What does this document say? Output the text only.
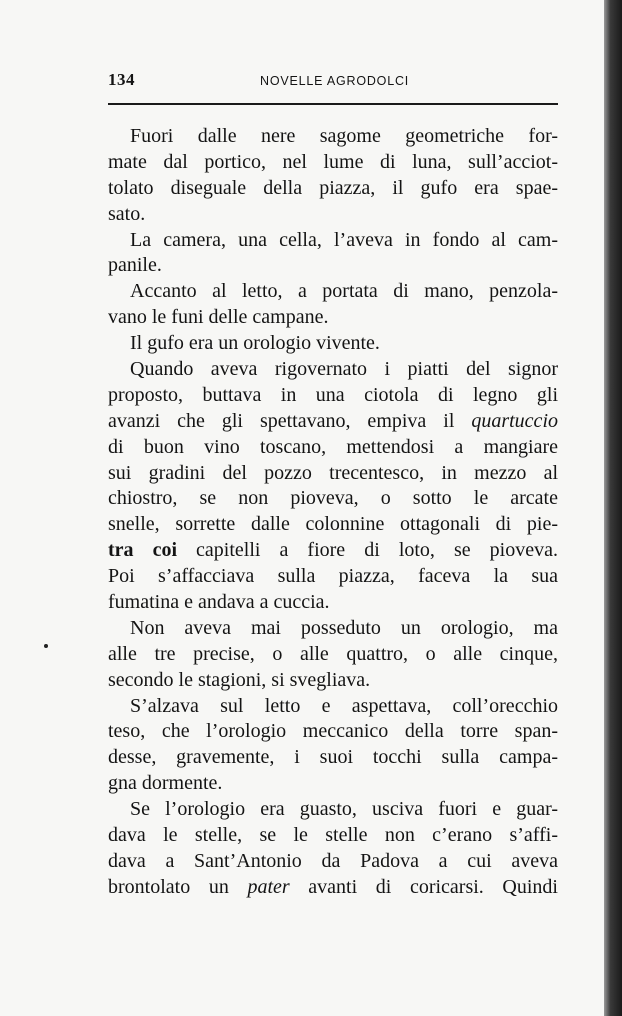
134	NOVELLE AGRODOLCI
Fuori dalle nere sagome geometriche for-
mate dal portico, nel lume di luna, sull’acciot-
tolato diseguale della piazza, il gufo era spae-
sato.
La camera, una cella, l’aveva in fondo al cam-
panile.
Accanto al letto, a portata di mano, penzola-
vano le funi delle campane.
Il gufo era un orologio vivente.
Quando aveva rigovernato i piatti del signor
proposto, buttava in una ciotola di legno gli
avanzi che gli spettavano, empiva il quartuccio
di buon vino toscano, mettendosi a mangiare
sui gradini del pozzo trecentesco, in mezzo al
chiostro, se non pioveva, o sotto le arcate
snelle, sorrette dalle colonnine ottagonali di pie-
tra coi capitelli a fiore di loto, se pioveva.
Poi s’affacciava sulla piazza, faceva la sua
fumatina e andava a cuccia.
Non aveva mai posseduto un orologio, ma
alle tre precise, o alle quattro, o alle cinque,
secondo le stagioni, si svegliava.
S’alzava sul letto e aspettava, coll’orecchio
teso, che l’orologio meccanico della torre span-
desse, gravemente, i suoi tocchi sulla campa-
gna dormente.
Se l’orologio era guasto, usciva fuori e guar-
dava le stelle, se le stelle non c’erano s’affi-
dava a Sant’Antonio da Padova a cui aveva
brontolato un pater avanti di coricarsi. Quindi
